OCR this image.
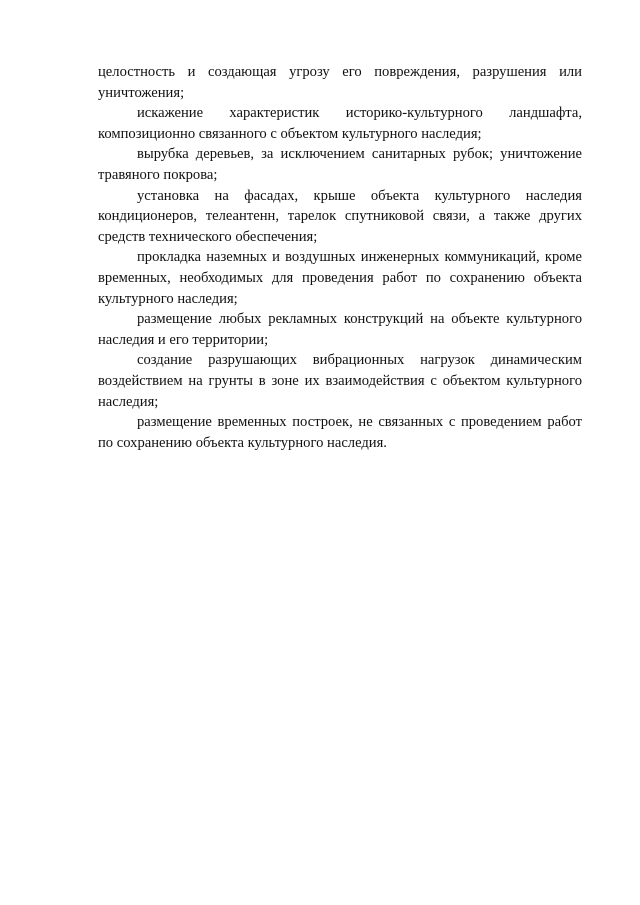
целостность и создающая угрозу его повреждения, разрушения или уничтожения;

искажение характеристик историко-культурного ландшафта, композиционно связанного с объектом культурного наследия;

вырубка деревьев, за исключением санитарных рубок; уничтожение травяного покрова;

установка на фасадах, крыше объекта культурного наследия кондиционеров, телеантенн, тарелок спутниковой связи, а также других средств технического обеспечения;

прокладка наземных и воздушных инженерных коммуникаций, кроме временных, необходимых для проведения работ по сохранению объекта культурного наследия;

размещение любых рекламных конструкций на объекте культурного наследия и его территории;

создание разрушающих вибрационных нагрузок динамическим воздействием на грунты в зоне их взаимодействия с объектом культурного наследия;

размещение временных построек, не связанных с проведением работ по сохранению объекта культурного наследия.
